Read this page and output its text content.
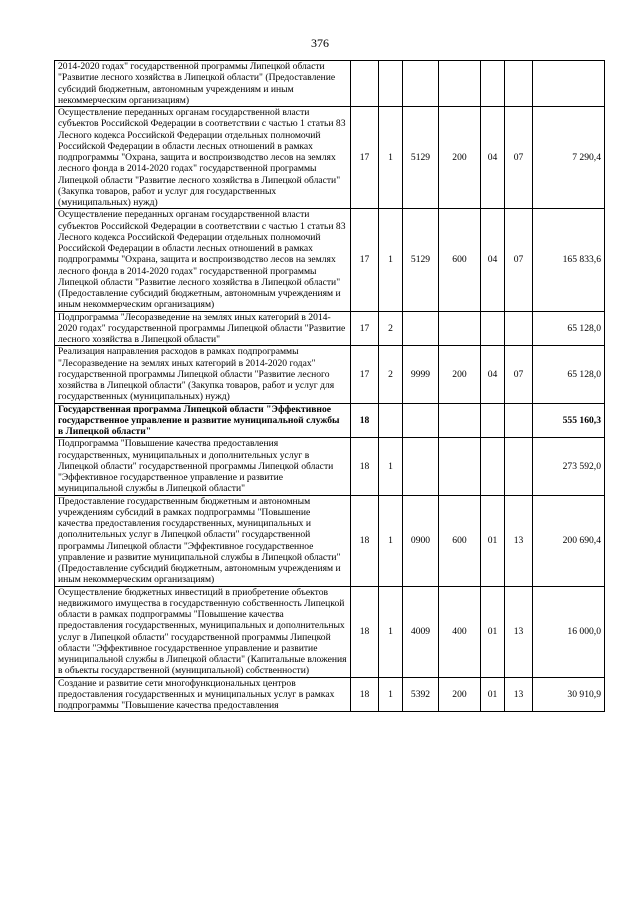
376
2014-2020 годах" государственной программы Липецкой области "Развитие лесного хозяйства в Липецкой области" (Предоставление субсидий бюджетным, автономным учреждениям и иным некоммерческим организациям)							
Осуществление переданных органам государственной власти субъектов Российской Федерации в соответствии с частью 1 статьи 83 Лесного кодекса Российской Федерации отдельных полномочий Российской Федерации в области лесных отношений в рамках подпрограммы "Охрана, защита и воспроизводство лесов на землях лесного фонда в 2014-2020 годах" государственной программы Липецкой области "Развитие лесного хозяйства в Липецкой области" (Закупка товаров, работ и услуг для государственных (муниципальных) нужд)	17	1	5129	200	04	07	7 290,4
Осуществление переданных органам государственной власти субъектов Российской Федерации в соответствии с частью 1 статьи 83 Лесного кодекса Российской Федерации отдельных полномочий Российской Федерации в области лесных отношений в рамках подпрограммы "Охрана, защита и воспроизводство лесов на землях лесного фонда в 2014-2020 годах" государственной программы Липецкой области "Развитие лесного хозяйства в Липецкой области" (Предоставление субсидий бюджетным, автономным учреждениям и иным некоммерческим организациям)	17	1	5129	600	04	07	165 833,6
Подпрограмма "Лесоразведение на землях иных категорий в 2014-2020 годах" государственной программы Липецкой области "Развитие лесного хозяйства в Липецкой области"	17	2					65 128,0
Реализация направления расходов в рамках подпрограммы "Лесоразведение на землях иных категорий в 2014-2020 годах" государственной программы Липецкой области "Развитие лесного хозяйства в Липецкой области" (Закупка товаров, работ и услуг для государственных (муниципальных) нужд)	17	2	9999	200	04	07	65 128,0
Государственная программа Липецкой области "Эффективное государственное управление и развитие муниципальной службы в Липецкой области"	18						555 160,3
Подпрограмма "Повышение качества предоставления государственных, муниципальных и дополнительных услуг в Липецкой области" государственной программы Липецкой области "Эффективное государственное управление и развитие муниципальной службы в Липецкой области"	18	1					273 592,0
Предоставление государственным бюджетным и автономным учреждениям субсидий в рамках подпрограммы "Повышение качества предоставления государственных, муниципальных и дополнительных услуг в Липецкой области" государственной программы Липецкой области "Эффективное государственное управление и развитие муниципальной службы в Липецкой области" (Предоставление субсидий бюджетным, автономным учреждениям и иным некоммерческим организациям)	18	1	0900	600	01	13	200 690,4
Осуществление бюджетных инвестиций в приобретение объектов недвижимого имущества в государственную собственность Липецкой области в рамках подпрограммы "Повышение качества предоставления государственных, муниципальных и дополнительных услуг в Липецкой области" государственной программы Липецкой области "Эффективное государственное управление и развитие муниципальной службы в Липецкой области" (Капитальные вложения в объекты государственной (муниципальной) собственности)	18	1	4009	400	01	13	16 000,0
Создание и развитие сети многофункциональных центров предоставления государственных и муниципальных услуг в рамках подпрограммы "Повышение качества предоставления	18	1	5392	200	01	13	30 910,9
